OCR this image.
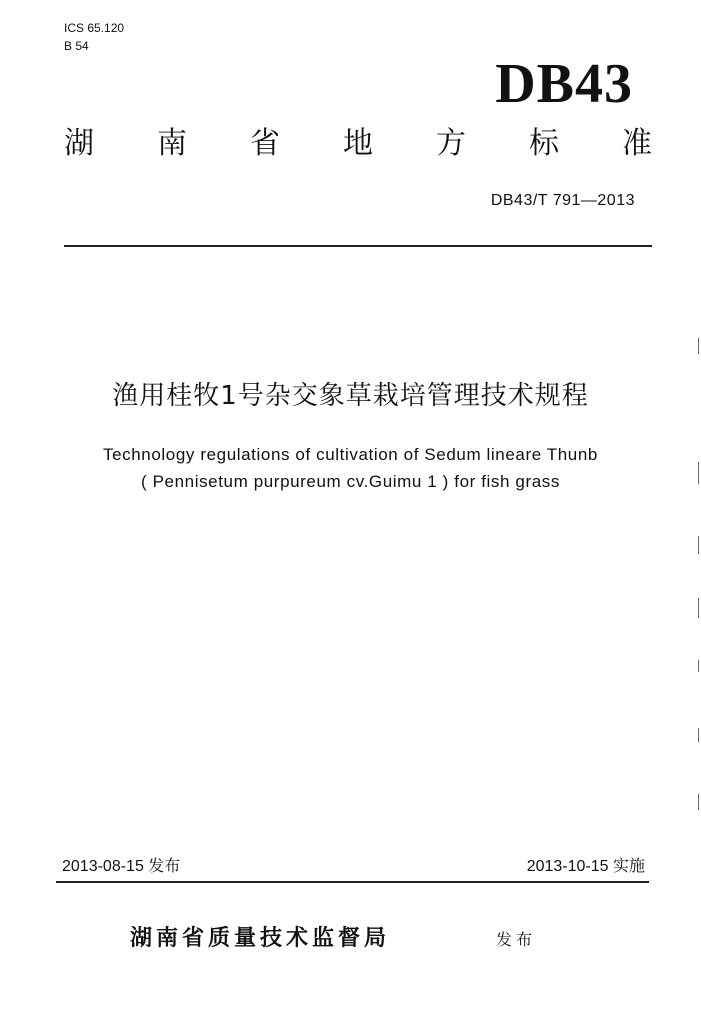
ICS 65.120
B 54
DB43
湖 南 省 地 方 标 准
DB43/T 791—2013
渔用桂牧1号杂交象草栽培管理技术规程
Technology regulations of cultivation of Sedum lineare Thunb
( Pennisetum purpureum cv.Guimu 1 ) for fish grass
2013-08-15 发布	2013-10-15 实施
湖南省质量技术监督局	发布
